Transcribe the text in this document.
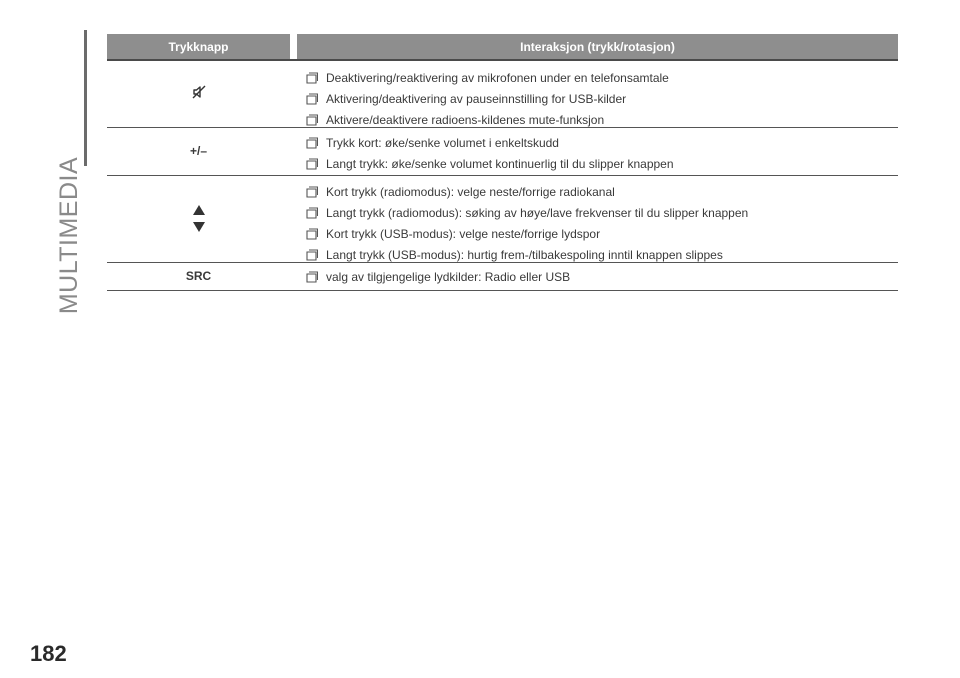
MULTIMEDIA
Trykknapp	Interaksjon (trykk/rotasjon)
Deaktivering/reaktivering av mikrofonen under en telefonsamtale
Aktivering/deaktivering av pauseinnstilling for USB-kilder
Aktivere/deaktivere radioens-kildenes mute-funksjon
+/–
Trykk kort: øke/senke volumet i enkeltskudd
Langt trykk: øke/senke volumet kontinuerlig til du slipper knappen
Kort trykk (radiomodus): velge neste/forrige radiokanal
Langt trykk (radiomodus): søking av høye/lave frekvenser til du slipper knappen
Kort trykk (USB-modus): velge neste/forrige lydspor
Langt trykk (USB-modus): hurtig frem-/tilbakespoling inntil knappen slippes
SRC	valg av tilgjengelige lydkilder: Radio eller USB
182
